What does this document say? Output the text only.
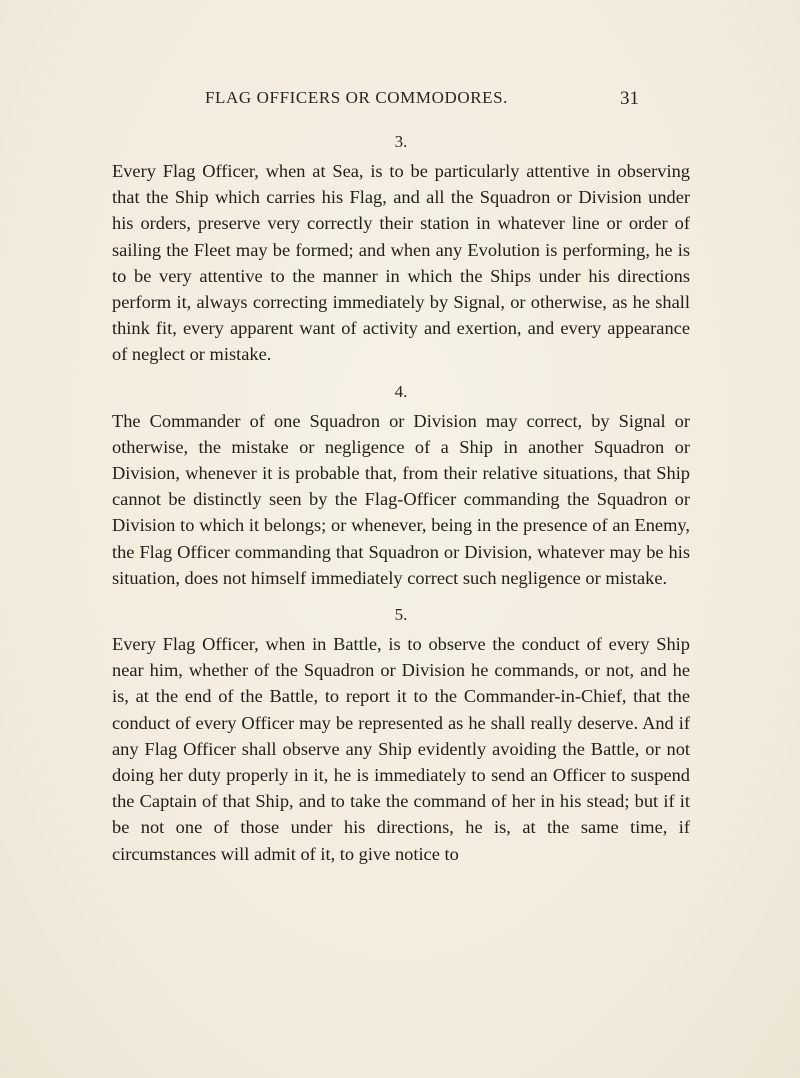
FLAG OFFICERS OR COMMODORES.	31
3.

Every Flag Officer, when at Sea, is to be particularly attentive in observing that the Ship which carries his Flag, and all the Squadron or Division under his orders, preserve very correctly their station in whatever line or order of sailing the Fleet may be formed; and when any Evolution is performing, he is to be very attentive to the manner in which the Ships under his directions perform it, always correcting immediately by Signal, or otherwise, as he shall think fit, every apparent want of activity and exertion, and every appearance of neglect or mistake.

4.

The Commander of one Squadron or Division may correct, by Signal or otherwise, the mistake or negligence of a Ship in another Squadron or Division, whenever it is probable that, from their relative situations, that Ship cannot be distinctly seen by the Flag-Officer commanding the Squadron or Division to which it belongs; or whenever, being in the presence of an Enemy, the Flag Officer commanding that Squadron or Division, whatever may be his situation, does not himself immediately correct such negligence or mistake.

5.

Every Flag Officer, when in Battle, is to observe the conduct of every Ship near him, whether of the Squadron or Division he commands, or not, and he is, at the end of the Battle, to report it to the Commander-in-Chief, that the conduct of every Officer may be represented as he shall really deserve. And if any Flag Officer shall observe any Ship evidently avoiding the Battle, or not doing her duty properly in it, he is immediately to send an Officer to suspend the Captain of that Ship, and to take the command of her in his stead; but if it be not one of those under his directions, he is, at the same time, if circumstances will admit of it, to give notice to
